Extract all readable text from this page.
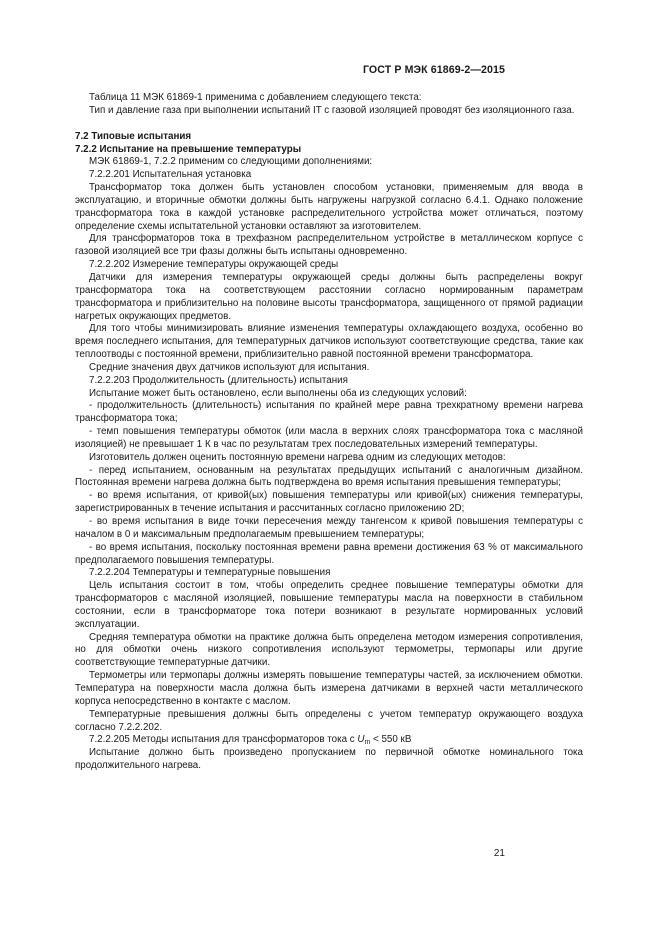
ГОСТ Р МЭК 61869-2—2015

Таблица 11 МЭК 61869-1 применима с добавлением следующего текста:

Тип и давление газа при выполнении испытаний IT с газовой изоляцией проводят без изоляционного газа.

7.2 Типовые испытания

7.2.2 Испытание на превышение температуры

МЭК 61869-1, 7.2.2 применим со следующими дополнениями:

7.2.2.201 Испытательная установка

Трансформатор тока должен быть установлен способом установки, применяемым для ввода в эксплуатацию, и вторичные обмотки должны быть нагружены нагрузкой согласно 6.4.1. Однако положение трансформатора тока в каждой установке распределительного устройства может отличаться, поэтому определение схемы испытательной установки оставляют за изготовителем.

Для трансформаторов тока в трехфазном распределительном устройстве в металлическом корпусе с газовой изоляцией все три фазы должны быть испытаны одновременно.

7.2.2.202 Измерение температуры окружающей среды

Датчики для измерения температуры окружающей среды должны быть распределены вокруг трансформатора тока на соответствующем расстоянии согласно нормированным параметрам трансформатора и приблизительно на половине высоты трансформатора, защищенного от прямой радиации нагретых окружающих предметов.

Для того чтобы минимизировать влияние изменения температуры охлаждающего воздуха, особенно во время последнего испытания, для температурных датчиков используют соответствующие средства, такие как теплоотводы с постоянной времени, приблизительно равной постоянной времени трансформатора.

Средние значения двух датчиков используют для испытания.

7.2.2.203 Продолжительность (длительность) испытания

Испытание может быть остановлено, если выполнены оба из следующих условий:

- продолжительность (длительность) испытания по крайней мере равна трехкратному времени нагрева трансформатора тока;

- темп повышения температуры обмоток (или масла в верхних слоях трансформатора тока с масляной изоляцией) не превышает 1 К в час по результатам трех последовательных измерений температуры.

Изготовитель должен оценить постоянную времени нагрева одним из следующих методов:

- перед испытанием, основанным на результатах предыдущих испытаний с аналогичным дизайном. Постоянная времени нагрева должна быть подтверждена во время испытания превышения температуры;

- во время испытания, от кривой(ых) повышения температуры или кривой(ых) снижения температуры, зарегистрированных в течение испытания и рассчитанных согласно приложению 2D;

- во время испытания в виде точки пересечения между тангенсом к кривой повышения температуры с началом в 0 и максимальным предполагаемым превышением температуры;

- во время испытания, поскольку постоянная времени равна времени достижения 63 % от максимального предполагаемого повышения температуры.

7.2.2.204 Температуры и температурные повышения

Цель испытания состоит в том, чтобы определить среднее повышение температуры обмотки для трансформаторов с масляной изоляцией, повышение температуры масла на поверхности в стабильном состоянии, если в трансформаторе тока потери возникают в результате нормированных условий эксплуатации.

Средняя температура обмотки на практике должна быть определена методом измерения сопротивления, но для обмотки очень низкого сопротивления используют термометры, термопары или другие соответствующие температурные датчики.

Термометры или термопары должны измерять повышение температуры частей, за исключением обмотки. Температура на поверхности масла должна быть измерена датчиками в верхней части металлического корпуса непосредственно в контакте с маслом.

Температурные превышения должны быть определены с учетом температур окружающего воздуха согласно 7.2.2.202.

7.2.2.205 Методы испытания для трансформаторов тока с $U_m < 550$ кВ

Испытание должно быть произведено пропусканием по первичной обмотке номинального тока продолжительного нагрева.

21
